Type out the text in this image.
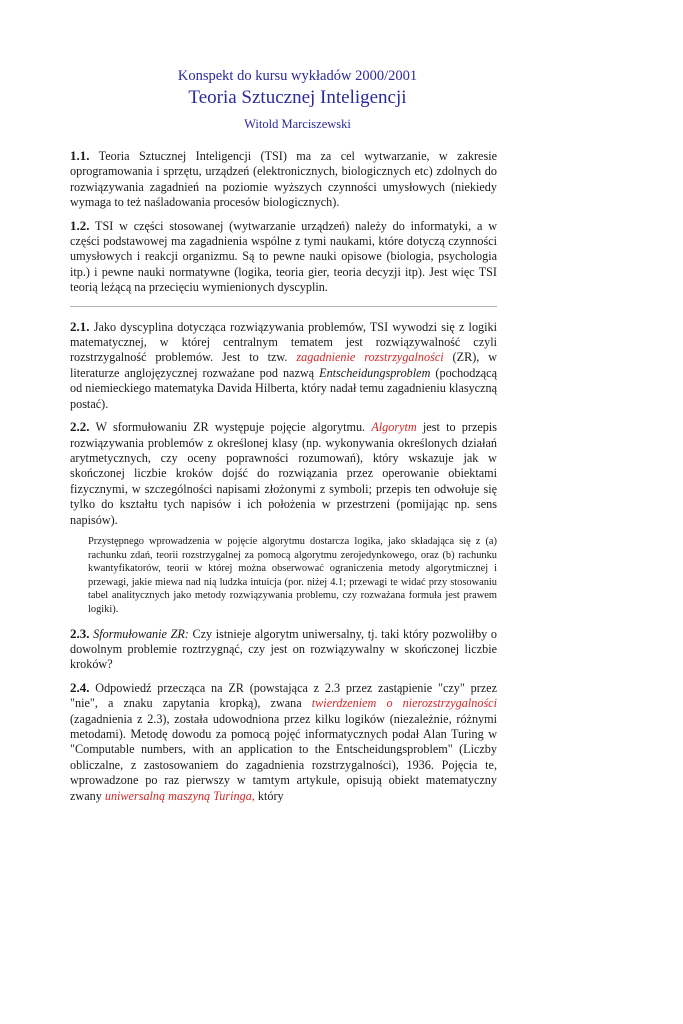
Konspekt do kursu wykładów 2000/2001
Teoria Sztucznej Inteligencji
Witold Marciszewski

1.1. Teoria Sztucznej Inteligencji (TSI) ma za cel wytwarzanie, w zakresie oprogramowania i sprzętu, urządzeń (elektronicznych, biologicznych etc) zdolnych do rozwiązywania zagadnień na poziomie wyższych czynności umysłowych (niekiedy wymaga to też naśladowania procesów biologicznych).

1.2. TSI w części stosowanej (wytwarzanie urządzeń) należy do informatyki, a w części podstawowej ma zagadnienia wspólne z tymi naukami, które dotyczą czynności umysłowych i reakcji organizmu. Są to pewne nauki opisowe (biologia, psychologia itp.) i pewne nauki normatywne (logika, teoria gier, teoria decyzji itp). Jest więc TSI teorią leżącą na przecięciu wymienionych dyscyplin.

2.1. Jako dyscyplina dotycząca rozwiązywania problemów, TSI wywodzi się z logiki matematycznej, w której centralnym tematem jest rozwiązywalność czyli rozstrzygalność problemów. Jest to tzw. zagadnienie rozstrzygalności (ZR), w literaturze anglojęzycznej rozważane pod nazwą Entscheidungsproblem (pochodzącą od niemieckiego matematyka Davida Hilberta, który nadał temu zagadnieniu klasyczną postać).

2.2. W sformułowaniu ZR występuje pojęcie algorytmu. Algorytm jest to przepis rozwiązywania problemów z określonej klasy (np. wykonywania określonych działań arytmetycznych, czy oceny poprawności rozumowań), który wskazuje jak w skończonej liczbie kroków dojść do rozwiązania przez operowanie obiektami fizycznymi, w szczególności napisami złożonymi z symboli; przepis ten odwołuje się tylko do kształtu tych napisów i ich położenia w przestrzeni (pomijając np. sens napisów).

Przystępnego wprowadzenia w pojęcie algorytmu dostarcza logika, jako składająca się z (a) rachunku zdań, teorii rozstrzygalnej za pomocą algorytmu zerojedynkowego, oraz (b) rachunku kwantyfikatorów, teorii w której można obserwować ograniczenia metody algorytmicznej i przewagi, jakie miewa nad nią ludzka intuicja (por. niżej 4.1; przewagi te widać przy stosowaniu tabel analitycznych jako metody rozwiązywania problemu, czy rozważana formuła jest prawem logiki).

2.3. Sformułowanie ZR: Czy istnieje algorytm uniwersalny, tj. taki który pozwoliłby o dowolnym problemie roztrzygnąć, czy jest on rozwiązywalny w skończonej liczbie kroków?

2.4. Odpowiedź przecząca na ZR (powstająca z 2.3 przez zastąpienie "czy" przez "nie", a znaku zapytania kropką), zwana twierdzeniem o nierozstrzygalności (zagadnienia z 2.3), została udowodniona przez kilku logików (niezależnie, różnymi metodami). Metodę dowodu za pomocą pojęć informatycznych podał Alan Turing w "Computable numbers, with an application to the Entscheidungsproblem" (Liczby obliczalne, z zastosowaniem do zagadnienia rozstrzygalności), 1936. Pojęcia te, wprowadzone po raz pierwszy w tamtym artykule, opisują obiekt matematyczny zwany uniwersalną maszyną Turinga, który
